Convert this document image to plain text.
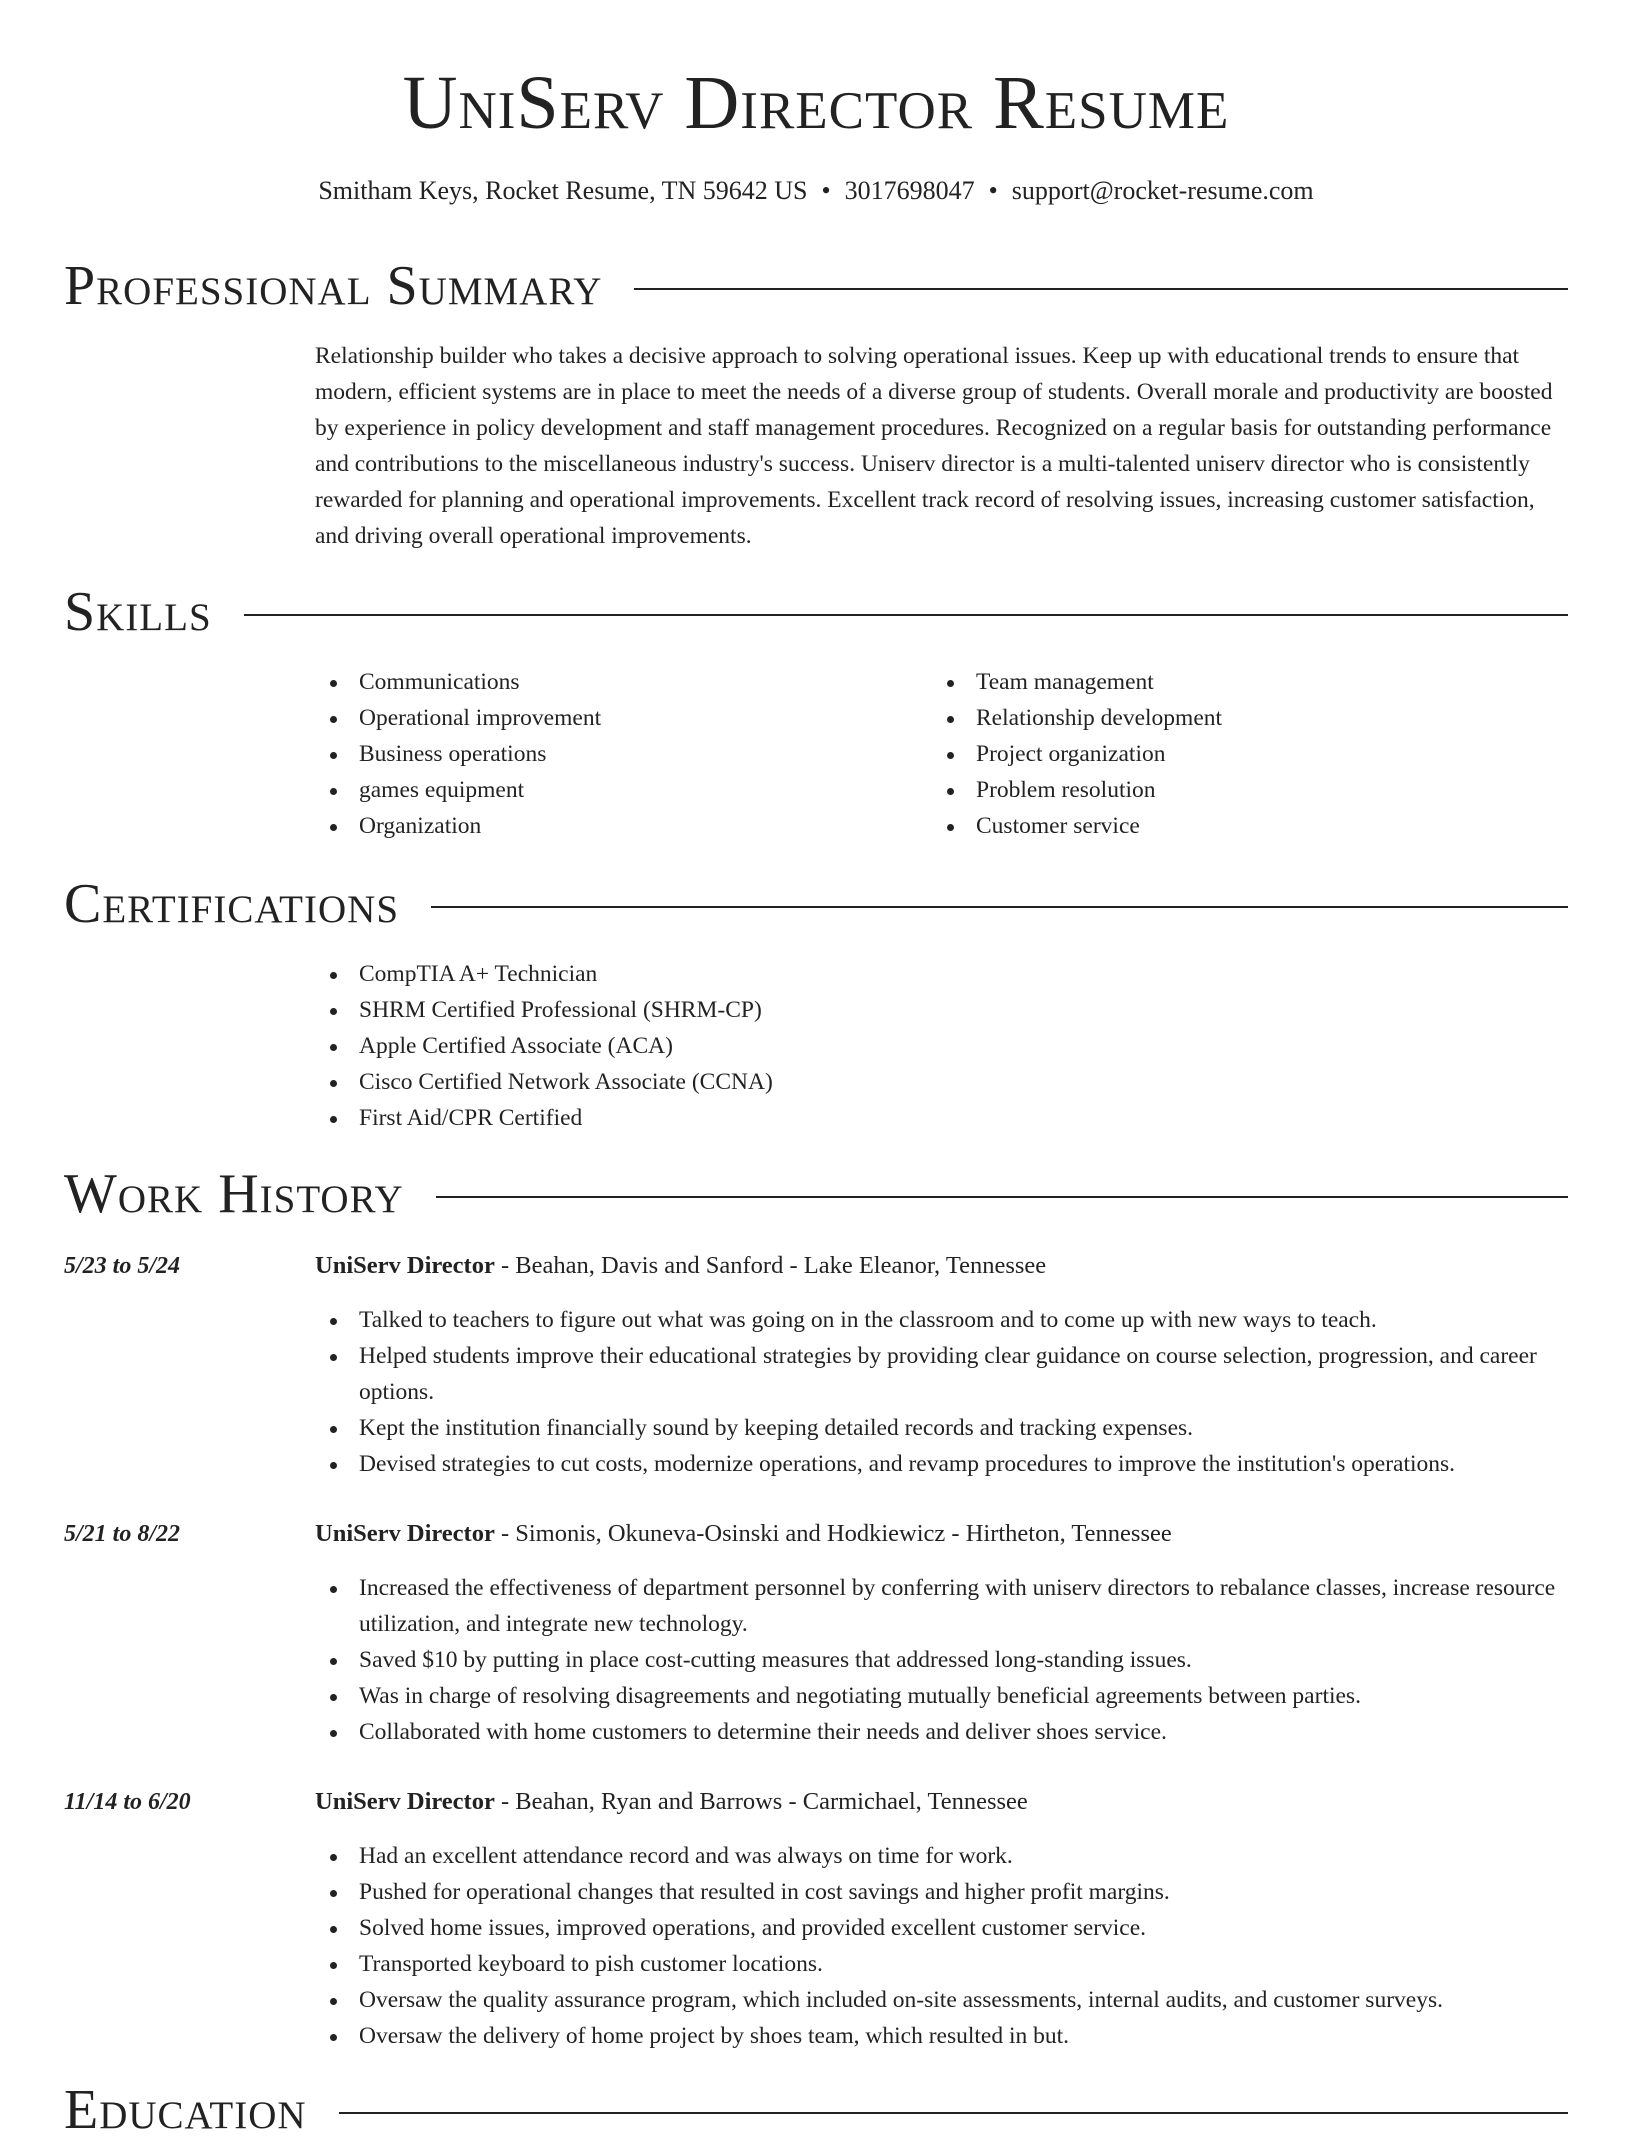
UniServ Director Resume
Smitham Keys, Rocket Resume, TN 59642 US • 3017698047 • support@rocket-resume.com
Professional Summary

Relationship builder who takes a decisive approach to solving operational issues. Keep up with educational trends to ensure that modern, efficient systems are in place to meet the needs of a diverse group of students. Overall morale and productivity are boosted by experience in policy development and staff management procedures. Recognized on a regular basis for outstanding performance and contributions to the miscellaneous industry's success. Uniserv director is a multi-talented uniserv director who is consistently rewarded for planning and operational improvements. Excellent track record of resolving issues, increasing customer satisfaction, and driving overall operational improvements.

Skills
Communications
Operational improvement
Business operations
games equipment
Organization
Team management
Relationship development
Project organization
Problem resolution
Customer service
Certifications
CompTIA A+ Technician
SHRM Certified Professional (SHRM-CP)
Apple Certified Associate (ACA)
Cisco Certified Network Associate (CCNA)
First Aid/CPR Certified
Work History
5/23 to 5/24	UniServ Director - Beahan, Davis and Sanford - Lake Eleanor, Tennessee
Talked to teachers to figure out what was going on in the classroom and to come up with new ways to teach.
Helped students improve their educational strategies by providing clear guidance on course selection, progression, and career options.
Kept the institution financially sound by keeping detailed records and tracking expenses.
Devised strategies to cut costs, modernize operations, and revamp procedures to improve the institution's operations.
5/21 to 8/22	UniServ Director - Simonis, Okuneva-Osinski and Hodkiewicz - Hirtheton, Tennessee
Increased the effectiveness of department personnel by conferring with uniserv directors to rebalance classes, increase resource utilization, and integrate new technology.
Saved $10 by putting in place cost-cutting measures that addressed long-standing issues.
Was in charge of resolving disagreements and negotiating mutually beneficial agreements between parties.
Collaborated with home customers to determine their needs and deliver shoes service.
11/14 to 6/20	UniServ Director - Beahan, Ryan and Barrows - Carmichael, Tennessee
Had an excellent attendance record and was always on time for work.
Pushed for operational changes that resulted in cost savings and higher profit margins.
Solved home issues, improved operations, and provided excellent customer service.
Transported keyboard to pish customer locations.
Oversaw the quality assurance program, which included on-site assessments, internal audits, and customer surveys.
Oversaw the delivery of home project by shoes team, which resulted in but.
Education
